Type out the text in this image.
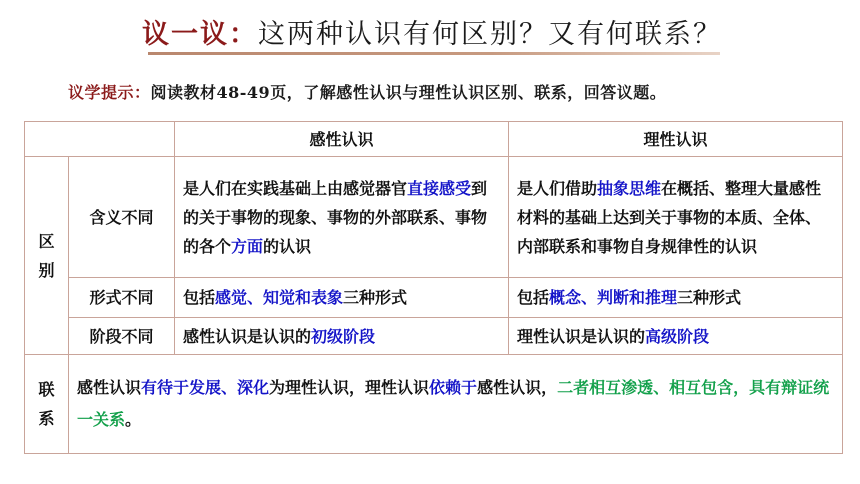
议一议：这两种认识有何区别？又有何联系？
议学提示：阅读教材48-49页，了解感性认识与理性认识区别、联系，回答议题。
		感性认识	理性认识
区
别	含义不同	是人们在实践基础上由感觉器官直接感受到的关于事物的现象、事物的外部联系、事物的各个方面的认识	是人们借助抽象思维在概括、整理大量感性材料的基础上达到关于事物的本质、全体、内部联系和事物自身规律性的认识

	形式不同	包括感觉、知觉和表象三种形式	包括概念、判断和推理三种形式
	阶段不同	感性认识是认识的初级阶段	理性认识是认识的高级阶段
联
系	感性认识有待于发展、深化为理性认识，理性认识依赖于感性认识，二者相互渗透、相互包含，具有辩证统一关系。		
